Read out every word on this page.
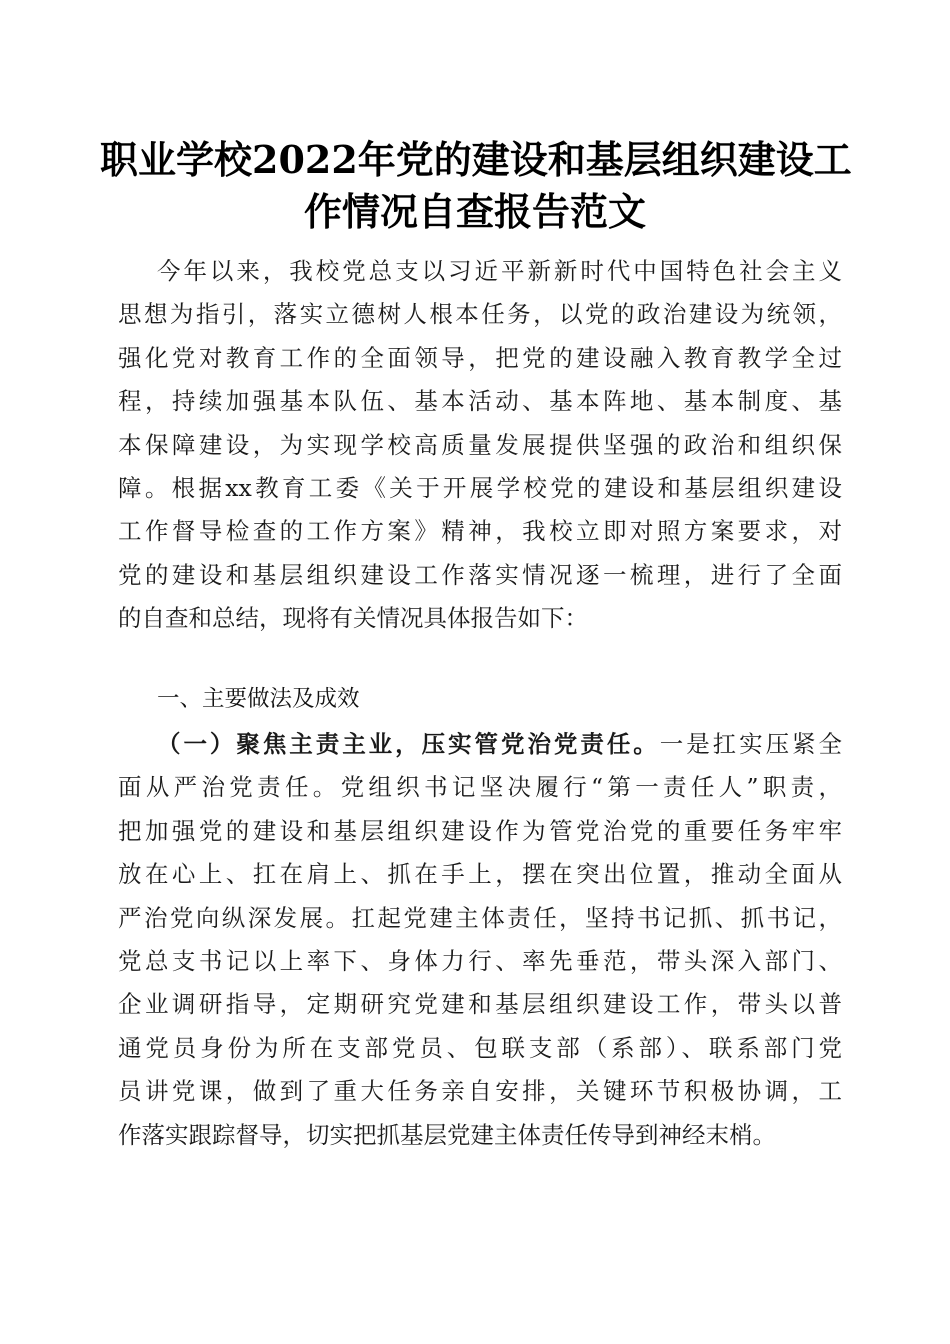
职业学校2022年党的建设和基层组织建设工
作情况自查报告范文
今年以来，我校党总支以习近平新新时代中国特色社会主义
思想为指引，落实立德树人根本任务，以党的政治建设为统领，
强化党对教育工作的全面领导，把党的建设融入教育教学全过
程，持续加强基本队伍、基本活动、基本阵地、基本制度、基
本保障建设，为实现学校高质量发展提供坚强的政治和组织保
障。根据xx教育工委《关于开展学校党的建设和基层组织建设
工作督导检查的工作方案》精神，我校立即对照方案要求，对
党的建设和基层组织建设工作落实情况逐一梳理，进行了全面
的自查和总结，现将有关情况具体报告如下：
一、主要做法及成效
（一）聚焦主责主业，压实管党治党责任。一是扛实压紧全
面从严治党责任。党组织书记坚决履行“第一责任人”职责，
把加强党的建设和基层组织建设作为管党治党的重要任务牢牢
放在心上、扛在肩上、抓在手上，摆在突出位置，推动全面从
严治党向纵深发展。扛起党建主体责任，坚持书记抓、抓书记，
党总支书记以上率下、身体力行、率先垂范，带头深入部门、
企业调研指导，定期研究党建和基层组织建设工作，带头以普
通党员身份为所在支部党员、包联支部（系部）、联系部门党
员讲党课，做到了重大任务亲自安排，关键环节积极协调，工
作落实跟踪督导，切实把抓基层党建主体责任传导到神经末梢。
